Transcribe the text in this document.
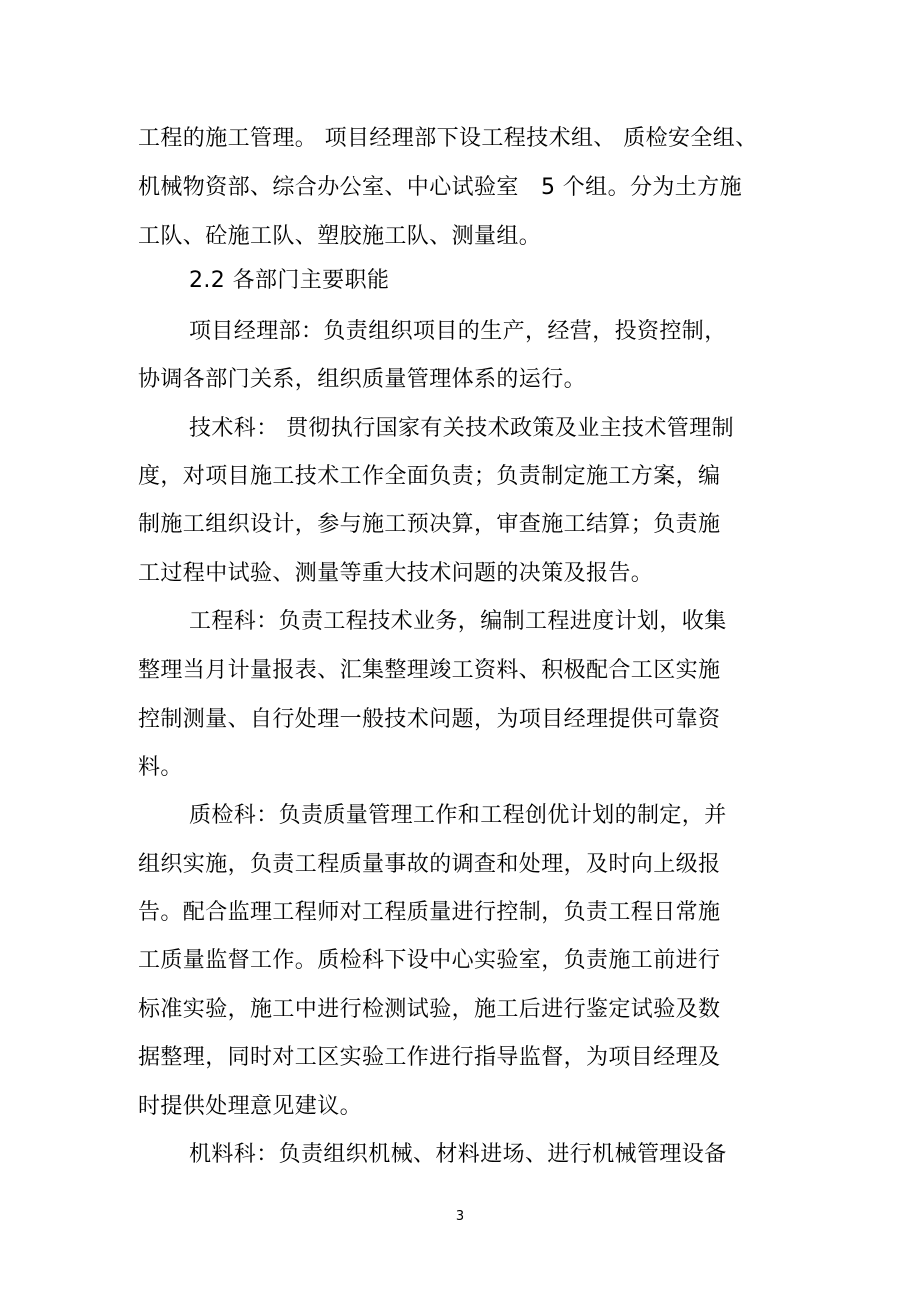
工程的施工管理。 项目经理部下设工程技术组、 质检安全组、
机械物资部、综合办公室、中心试验室   5 个组。分为土方施
工队、砼施工队、塑胶施工队、测量组。
2.2 各部门主要职能
项目经理部：负责组织项目的生产，经营，投资控制，
协调各部门关系，组织质量管理体系的运行。
技术科： 贯彻执行国家有关技术政策及业主技术管理制
度，对项目施工技术工作全面负责；负责制定施工方案，编
制施工组织设计，参与施工预决算，审查施工结算；负责施
工过程中试验、测量等重大技术问题的决策及报告。
工程科：负责工程技术业务，编制工程进度计划，收集
整理当月计量报表、汇集整理竣工资料、积极配合工区实施
控制测量、自行处理一般技术问题，为项目经理提供可靠资
料。
质检科：负责质量管理工作和工程创优计划的制定，并
组织实施，负责工程质量事故的调查和处理，及时向上级报
告。配合监理工程师对工程质量进行控制，负责工程日常施
工质量监督工作。质检科下设中心实验室，负责施工前进行
标准实验，施工中进行检测试验，施工后进行鉴定试验及数
据整理，同时对工区实验工作进行指导监督，为项目经理及
时提供处理意见建议。
机料科：负责组织机械、材料进场、进行机械管理设备
3
